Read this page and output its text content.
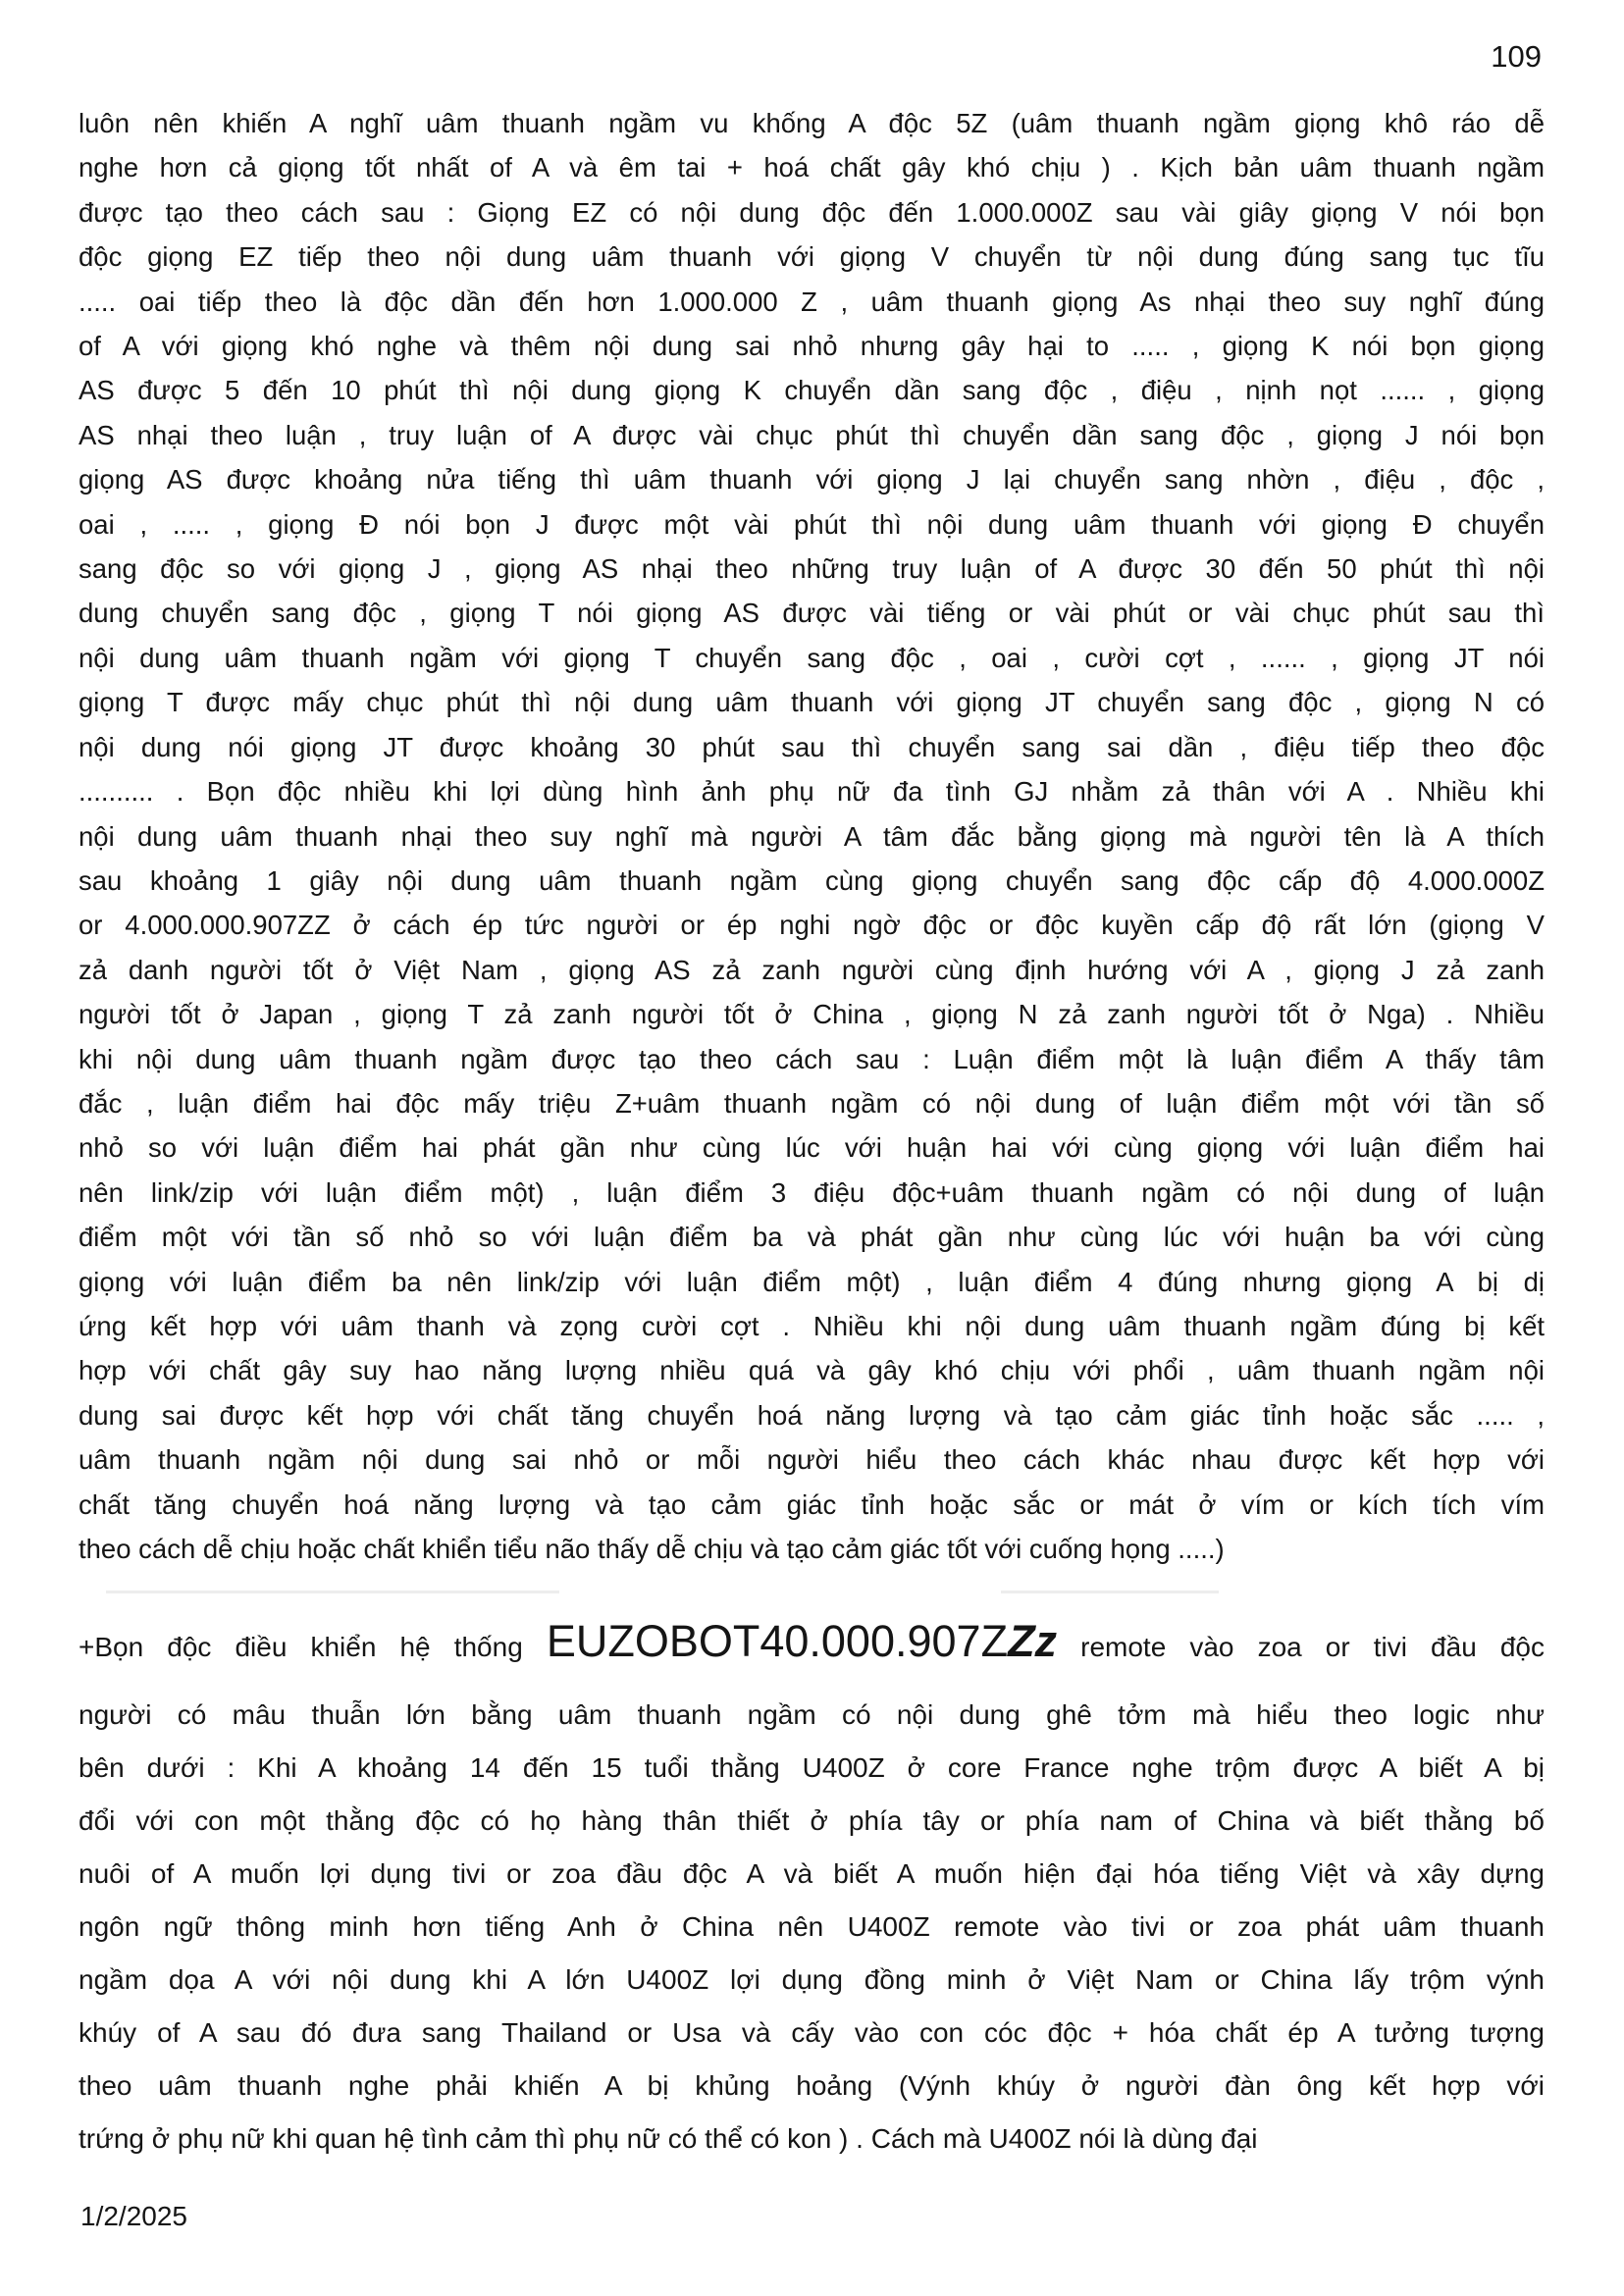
109
luôn nên khiến A nghĩ uâm thuanh ngầm vu khống A độc 5Z (uâm thuanh ngầm giọng khô ráo dễ
nghe hơn cả giọng tốt nhất of A và êm tai + hoá chất gây khó chịu ) . Kịch bản uâm thuanh ngầm
được tạo theo cách sau : Giọng EZ có nội dung độc đến 1.000.000Z sau vài giây giọng V nói bọn
độc giọng EZ tiếp theo nội dung uâm thuanh với giọng V chuyển từ nội dung đúng sang tục tĩu
..... oai tiếp theo là độc dần đến hơn 1.000.000 Z , uâm thuanh giọng As nhại theo suy nghĩ đúng
of A với giọng khó nghe và thêm nội dung sai nhỏ nhưng gây hại to ..... , giọng K nói bọn giọng
AS được 5 đến 10 phút thì nội dung giọng K chuyển dần sang độc , điệu , nịnh nọt ...... , giọng
AS nhại theo luận , truy luận of A được vài chục phút thì chuyển dần sang độc , giọng J nói bọn
giọng AS được khoảng nửa tiếng thì uâm thuanh với giọng J lại chuyển sang nhờn , điệu , độc ,
oai , ..... , giọng Đ nói bọn J được một vài phút thì nội dung uâm thuanh với giọng Đ chuyển
sang độc so với giọng J , giọng AS nhại theo những truy luận of A được 30 đến 50 phút thì nội
dung chuyển sang độc , giọng T nói giọng AS được vài tiếng or vài phút or vài chục phút sau thì
nội dung uâm thuanh ngầm với giọng T chuyển sang độc , oai , cười cợt , ...... , giọng JT nói
giọng T được mấy chục phút thì nội dung uâm thuanh với giọng JT chuyển sang độc , giọng N có
nội dung nói giọng JT được khoảng 30 phút sau thì chuyển sang sai dần , điệu tiếp theo độc
.......... . Bọn độc nhiều khi lợi dùng hình ảnh phụ nữ đa tình GJ nhằm zả thân với A . Nhiều khi
nội dung uâm thuanh nhại theo suy nghĩ mà người A tâm đắc bằng giọng mà người tên là A thích
sau khoảng 1 giây nội dung uâm thuanh ngầm cùng giọng chuyển sang độc cấp độ 4.000.000Z
or 4.000.000.907ZZ ở cách ép tức người or ép nghi ngờ độc or độc kuyền cấp độ rất lớn (giọng V
zả danh người tốt ở Việt Nam , giọng AS zả zanh người cùng định hướng với A , giọng J zả zanh
người tốt ở Japan , giọng T zả zanh người tốt ở China , giọng N zả zanh người tốt ở Nga) . Nhiều
khi nội dung uâm thuanh ngầm được tạo theo cách sau : Luận điểm một là luận điểm A thấy tâm
đắc , luận điểm hai độc mấy triệu Z+uâm thuanh ngầm có nội dung of luận điểm một với tần số
nhỏ so với luận điểm hai phát gần như cùng lúc với huận hai với cùng giọng với luận điểm hai
nên link/zip với luận điểm một) , luận điểm 3 điệu độc+uâm thuanh ngầm có nội dung of luận
điểm một với tần số nhỏ so với luận điểm ba và phát gần như cùng lúc với huận ba với cùng
giọng với luận điểm ba nên link/zip với luận điểm một) , luận điểm 4 đúng nhưng giọng A bị dị
ứng kết hợp với uâm thanh và zọng cười cợt . Nhiều khi nội dung uâm thuanh ngầm đúng bị kết
hợp với chất gây suy hao năng lượng nhiều quá và gây khó chịu với phổi , uâm thuanh ngầm nội
dung sai được kết hợp với chất tăng chuyển hoá năng lượng và tạo cảm giác tỉnh hoặc sắc ..... ,
uâm thuanh ngầm nội dung sai nhỏ or mỗi người hiểu theo cách khác nhau được kết hợp với
chất tăng chuyển hoá năng lượng và tạo cảm giác tỉnh hoặc sắc or mát ở vím or kích tích vím
theo cách dễ chịu hoặc chất khiển tiểu não thấy dễ chịu và tạo cảm giác tốt với cuống họng .....)
+Bọn độc điều khiển hệ thống EUZOBOT40.000.907ZZz remote vào zoa or tivi đầu độc
người có mâu thuẫn lớn bằng uâm thuanh ngầm có nội dung ghê tởm mà hiểu theo logic như
bên dưới : Khi A khoảng 14 đến 15 tuổi thằng U400Z ở core France nghe trộm được A biết A bị
đổi với con một thằng độc có họ hàng thân thiết ở phía tây or phía nam of China và biết thằng bố
nuôi of A muốn lợi dụng tivi or zoa đầu độc A và biết A muốn hiện đại hóa tiếng Việt và xây dựng
ngôn ngữ thông minh hơn tiếng Anh ở China nên U400Z remote vào tivi or zoa phát uâm thuanh
ngầm dọa A với nội dung khi A lớn U400Z lợi dụng đồng minh ở Việt Nam or China lấy trộm výnh
khúy of A sau đó đưa sang Thailand or Usa và cấy vào con cóc độc + hóa chất ép A tưởng tượng
theo uâm thuanh nghe phải khiến A bị khủng hoảng (Výnh khúy ở người đàn ông kết hợp với
trứng ở phụ nữ khi quan hệ tình cảm thì phụ nữ có thể có kon ) . Cách mà U400Z nói là dùng đại
1/2/2025
